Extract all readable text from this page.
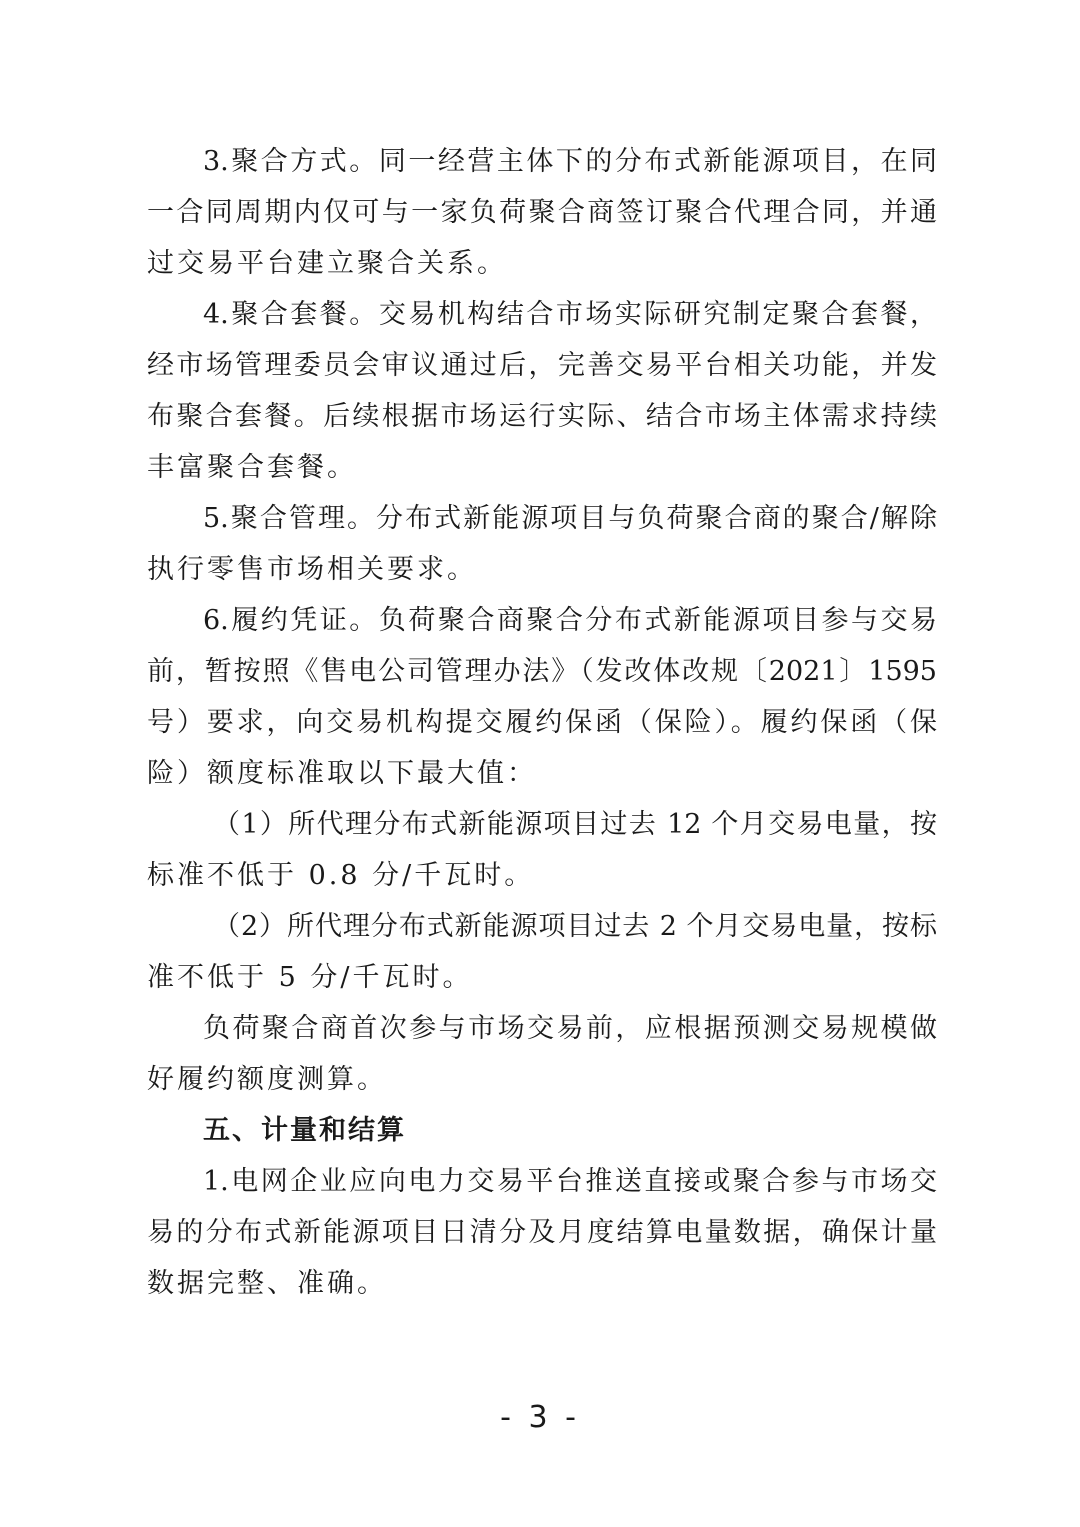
3.聚合方式。同一经营主体下的分布式新能源项目，在同
一合同周期内仅可与一家负荷聚合商签订聚合代理合同，并通
过交易平台建立聚合关系。
4.聚合套餐。交易机构结合市场实际研究制定聚合套餐，
经市场管理委员会审议通过后，完善交易平台相关功能，并发
布聚合套餐。后续根据市场运行实际、结合市场主体需求持续
丰富聚合套餐。
5.聚合管理。分布式新能源项目与负荷聚合商的聚合/解除
执行零售市场相关要求。
6.履约凭证。负荷聚合商聚合分布式新能源项目参与交易
前，暂按照《售电公司管理办法》（发改体改规〔2021〕1595
号）要求，向交易机构提交履约保函（保险）。履约保函（保
险）额度标准取以下最大值：
（1）所代理分布式新能源项目过去 12 个月交易电量，按
标准不低于 0.8 分/千瓦时。
（2）所代理分布式新能源项目过去 2 个月交易电量，按标
准不低于 5 分/千瓦时。
负荷聚合商首次参与市场交易前，应根据预测交易规模做
好履约额度测算。
五、计量和结算
1.电网企业应向电力交易平台推送直接或聚合参与市场交
易的分布式新能源项目日清分及月度结算电量数据，确保计量
数据完整、准确。
- 3 -
